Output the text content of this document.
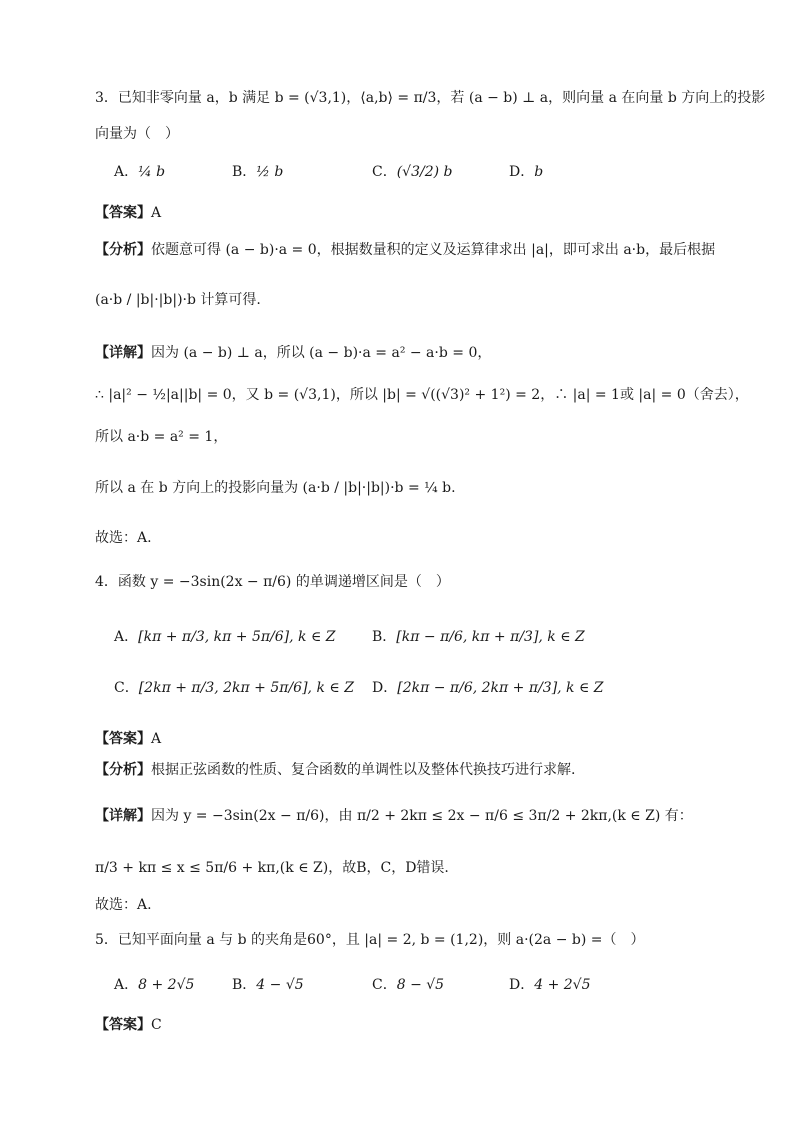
3．已知非零向量 a，b 满足 b = (√3,1)，⟨a,b⟩ = π/3，若 (a − b) ⊥ a，则向量 a 在向量 b 方向上的投影
向量为（　）
A．¼ b	B．½ b	C．(√3/2) b	D．b
【答案】A
【分析】依题意可得 (a − b)·a = 0，根据数量积的定义及运算律求出 |a|，即可求出 a·b，最后根据
(a·b / |b|·|b|)·b 计算可得.
【详解】因为 (a − b) ⊥ a，所以 (a − b)·a = a² − a·b = 0，
∴ |a|² − ½|a||b| = 0，又 b = (√3,1)，所以 |b| = √((√3)² + 1²) = 2，∴ |a| = 1或 |a| = 0（舍去），
所以 a·b = a² = 1，
所以 a 在 b 方向上的投影向量为 (a·b / |b|·|b|)·b = ¼ b.
故选：A.
4．函数 y = −3sin(2x − π/6) 的单调递增区间是（　）
A．[kπ + π/3, kπ + 5π/6], k ∈ Z	B．[kπ − π/6, kπ + π/3], k ∈ Z
C．[2kπ + π/3, 2kπ + 5π/6], k ∈ Z D．[2kπ − π/6, 2kπ + π/3], k ∈ Z
【答案】A
【分析】根据正弦函数的性质、复合函数的单调性以及整体代换技巧进行求解.
【详解】因为 y = −3sin(2x − π/6)，由 π/2 + 2kπ ≤ 2x − π/6 ≤ 3π/2 + 2kπ,(k ∈ Z) 有：
π/3 + kπ ≤ x ≤ 5π/6 + kπ,(k ∈ Z)，故B，C，D错误.
故选：A.
5．已知平面向量 a 与 b 的夹角是60°，且 |a| = 2, b = (1,2)，则 a·(2a − b) =（　）
A．8 + 2√5	B．4 − √5	C．8 − √5	D．4 + 2√5
【答案】C
